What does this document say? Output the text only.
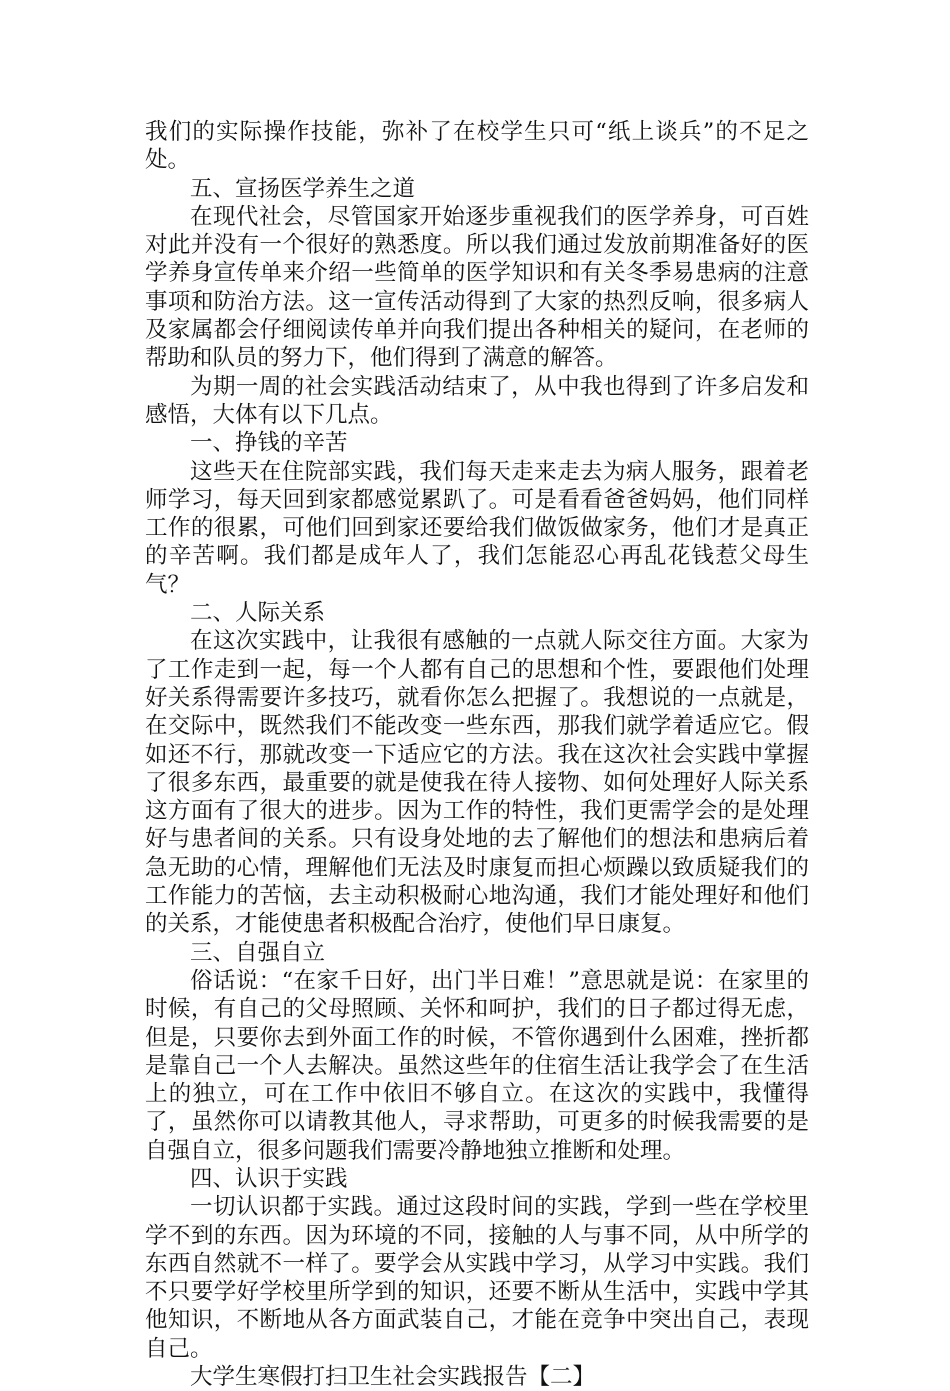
我们的实际操作技能，弥补了在校学生只可“纸上谈兵”的不足之处。

五、宣扬医学养生之道

在现代社会，尽管国家开始逐步重视我们的医学养身，可百姓对此并没有一个很好的熟悉度。所以我们通过发放前期准备好的医学养身宣传单来介绍一些简单的医学知识和有关冬季易患病的注意事项和防治方法。这一宣传活动得到了大家的热烈反响，很多病人及家属都会仔细阅读传单并向我们提出各种相关的疑问，在老师的帮助和队员的努力下，他们得到了满意的解答。

为期一周的社会实践活动结束了，从中我也得到了许多启发和感悟，大体有以下几点。

一、挣钱的辛苦

这些天在住院部实践，我们每天走来走去为病人服务，跟着老师学习，每天回到家都感觉累趴了。可是看看爸爸妈妈，他们同样工作的很累，可他们回到家还要给我们做饭做家务，他们才是真正的辛苦啊。我们都是成年人了，我们怎能忍心再乱花钱惹父母生气？

二、人际关系

在这次实践中，让我很有感触的一点就人际交往方面。大家为了工作走到一起，每一个人都有自己的思想和个性，要跟他们处理好关系得需要许多技巧，就看你怎么把握了。我想说的一点就是，在交际中，既然我们不能改变一些东西，那我们就学着适应它。假如还不行，那就改变一下适应它的方法。我在这次社会实践中掌握了很多东西，最重要的就是使我在待人接物、如何处理好人际关系这方面有了很大的进步。因为工作的特性，我们更需学会的是处理好与患者间的关系。只有设身处地的去了解他们的想法和患病后着急无助的心情，理解他们无法及时康复而担心烦躁以致质疑我们的工作能力的苦恼，去主动积极耐心地沟通，我们才能处理好和他们的关系，才能使患者积极配合治疗，使他们早日康复。

三、自强自立

俗话说：“在家千日好，出门半日难！”意思就是说：在家里的时候，有自己的父母照顾、关怀和呵护，我们的日子都过得无虑，但是，只要你去到外面工作的时候，不管你遇到什么困难，挫折都是靠自己一个人去解决。虽然这些年的住宿生活让我学会了在生活上的独立，可在工作中依旧不够自立。在这次的实践中，我懂得了，虽然你可以请教其他人，寻求帮助，可更多的时候我需要的是自强自立，很多问题我们需要冷静地独立推断和处理。

四、认识于实践

一切认识都于实践。通过这段时间的实践，学到一些在学校里学不到的东西。因为环境的不同，接触的人与事不同，从中所学的东西自然就不一样了。要学会从实践中学习，从学习中实践。我们不只要学好学校里所学到的知识，还要不断从生活中，实践中学其他知识，不断地从各方面武装自己，才能在竞争中突出自己，表现自己。

大学生寒假打扫卫生社会实践报告【二】
